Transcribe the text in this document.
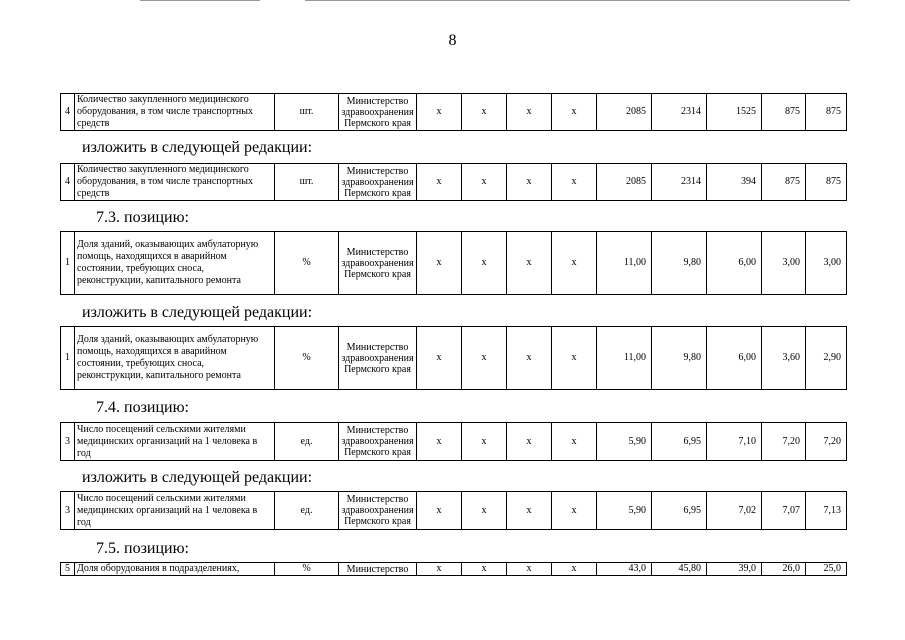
8
4	Количество закупленного медицинского оборудования, в том числе транспортных средств	шт.	Министерство здравоохранения Пермского края	x	x	x	x	2085	2314	1525	875	875
изложить в следующей редакции:
4	Количество закупленного медицинского оборудования, в том числе транспортных средств	шт.	Министерство здравоохранения Пермского края	x	x	x	x	2085	2314	394	875	875
7.3. позицию:
1	Доля зданий, оказывающих амбулаторную помощь, находящихся в аварийном состоянии, требующих сноса, реконструкции, капитального ремонта	%	Министерство здравоохранения Пермского края	x	x	x	x	11,00	9,80	6,00	3,00	3,00
изложить в следующей редакции:
1	Доля зданий, оказывающих амбулаторную помощь, находящихся в аварийном состоянии, требующих сноса, реконструкции, капитального ремонта	%	Министерство здравоохранения Пермского края	x	x	x	x	11,00	9,80	6,00	3,60	2,90
7.4. позицию:
3	Число посещений сельскими жителями медицинских организаций на 1 человека в год	ед.	Министерство здравоохранения Пермского края	x	x	x	x	5,90	6,95	7,10	7,20	7,20
изложить в следующей редакции:
3	Число посещений сельскими жителями медицинских организаций на 1 человека в год	ед.	Министерство здравоохранения Пермского края	x	x	x	x	5,90	6,95	7,02	7,07	7,13
7.5. позицию:
5	Доля оборудования в подразделениях,	%	Министерство	x	x	x	x	43,0	45,80	39,0	26,0	25,0
